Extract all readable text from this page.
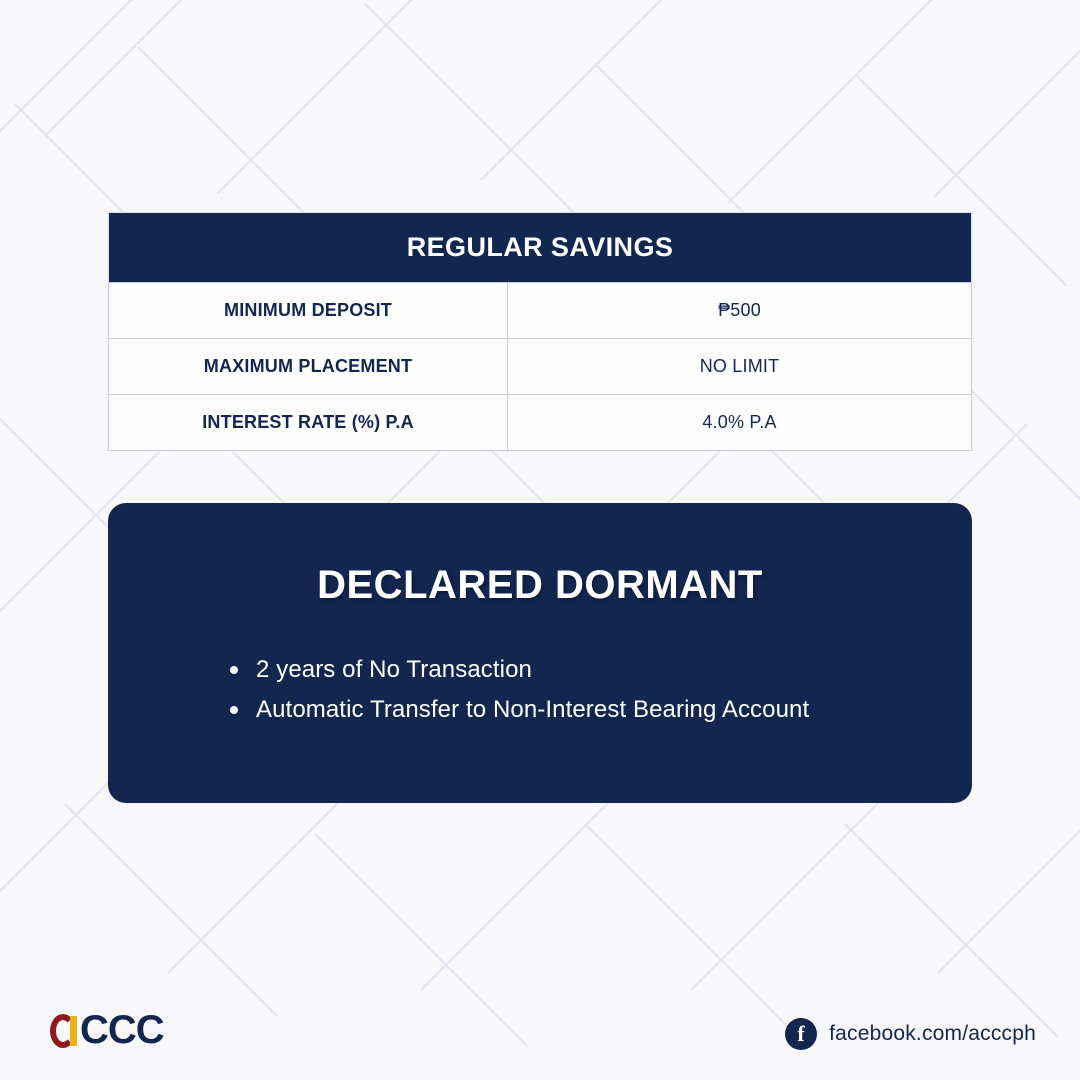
REGULAR SAVINGS	
MINIMUM DEPOSIT	₱500
MAXIMUM PLACEMENT	NO LIMIT
INTEREST RATE (%) P.A	4.0% P.A
DECLARED DORMANT
2 years of No Transaction
Automatic Transfer to Non-Interest Bearing Account
CCC	f	facebook.com/acccph
